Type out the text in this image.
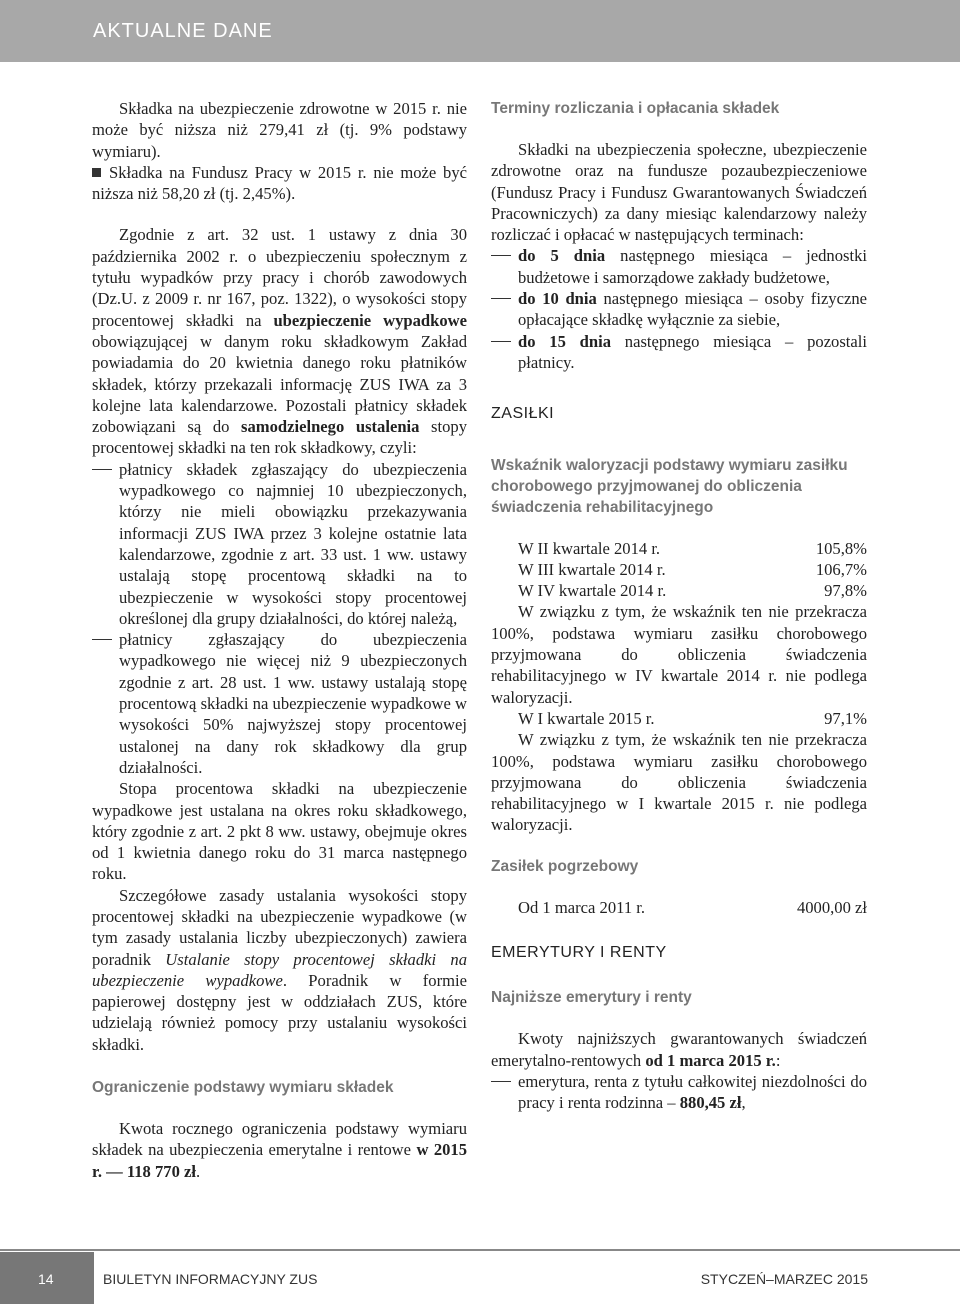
AKTUALNE DANE

Składka na ubezpieczenie zdrowotne w 2015 r. nie może być niższa niż 279,41 zł (tj. 9% podstawy wymiaru).

Składka na Fundusz Pracy w 2015 r. nie może być niższa niż 58,20 zł (tj. 2,45%).

Zgodnie z art. 32 ust. 1 ustawy z dnia 30 października 2002 r. o ubezpieczeniu społecznym z tytułu wypadków przy pracy i chorób zawodowych (Dz.U. z 2009 r. nr 167, poz. 1322), o wysokości stopy procentowej składki na ubezpieczenie wypadkowe obowiązującej w danym roku składkowym Zakład powiadamia do 20 kwietnia danego roku płatników składek, którzy przekazali informację ZUS IWA za 3 kolejne lata kalendarzowe. Pozostali płatnicy składek zobowiązani są do samodzielnego ustalenia stopy procentowej składki na ten rok składkowy, czyli:

płatnicy składek zgłaszający do ubezpieczenia wypadkowego co najmniej 10 ubezpieczonych, którzy nie mieli obowiązku przekazywania informacji ZUS IWA przez 3 kolejne ostatnie lata kalendarzowe, zgodnie z art. 33 ust. 1 ww. ustawy ustalają stopę procentową składki na to ubezpieczenie w wysokości stopy procentowej określonej dla grupy działalności, do której należą,
płatnicy zgłaszający do ubezpieczenia wypadkowego nie więcej niż 9 ubezpieczonych zgodnie z art. 28 ust. 1 ww. ustawy ustalają stopę procentową składki na ubezpieczenie wypadkowe w wysokości 50% najwyższej stopy procentowej ustalonej na dany rok składkowy dla grup działalności.

Stopa procentowa składki na ubezpieczenie wypadkowe jest ustalana na okres roku składkowego, który zgodnie z art. 2 pkt 8 ww. ustawy, obejmuje okres od 1 kwietnia danego roku do 31 marca następnego roku.

Szczegółowe zasady ustalania wysokości stopy procentowej składki na ubezpieczenie wypadkowe (w tym zasady ustalania liczby ubezpieczonych) zawiera poradnik Ustalanie stopy procentowej składki na ubezpieczenie wypadkowe. Poradnik w formie papierowej dostępny jest w oddziałach ZUS, które udzielają również pomocy przy ustalaniu wysokości składki.

Ograniczenie podstawy wymiaru składek

Kwota rocznego ograniczenia podstawy wymiaru składek na ubezpieczenia emerytalne i rentowe w 2015 r. — 118 770 zł.

Terminy rozliczania i opłacania składek

Składki na ubezpieczenia społeczne, ubezpieczenie zdrowotne oraz na fundusze pozaubezpieczeniowe (Fundusz Pracy i Fundusz Gwarantowanych Świadczeń Pracowniczych) za dany miesiąc kalendarzowy należy rozliczać i opłacać w następujących terminach:

do 5 dnia następnego miesiąca – jednostki budżetowe i samorządowe zakłady budżetowe,
do 10 dnia następnego miesiąca – osoby fizyczne opłacające składkę wyłącznie za siebie,
do 15 dnia następnego miesiąca – pozostali płatnicy.
ZASIŁKI
Wskaźnik waloryzacji podstawy wymiaru zasiłku chorobowego przyjmowanej do obliczenia świadczenia rehabilitacyjnego
W II kwartale 2014 r.	105,8%
W III kwartale 2014 r.	106,7%
W IV kwartale 2014 r.	97,8%

W związku z tym, że wskaźnik ten nie przekracza 100%, podstawa wymiaru zasiłku chorobowego przyjmowana do obliczenia świadczenia rehabilitacyjnego w IV kwartale 2014 r. nie podlega waloryzacji.

W I kwartale 2015 r.	97,1%

W związku z tym, że wskaźnik ten nie przekracza 100%, podstawa wymiaru zasiłku chorobowego przyjmowana do obliczenia świadczenia rehabilitacyjnego w I kwartale 2015 r. nie podlega waloryzacji.

Zasiłek pogrzebowy
Od 1 marca 2011 r.	4000,00 zł
EMERYTURY I RENTY
Najniższe emerytury i renty

Kwoty najniższych gwarantowanych świadczeń emerytalno-rentowych od 1 marca 2015 r.:

emerytura, renta z tytułu całkowitej niezdolności do pracy i renta rodzinna – 880,45 zł,
14	BIULETYN INFORMACYJNY ZUS	STYCZEŃ–MARZEC 2015
